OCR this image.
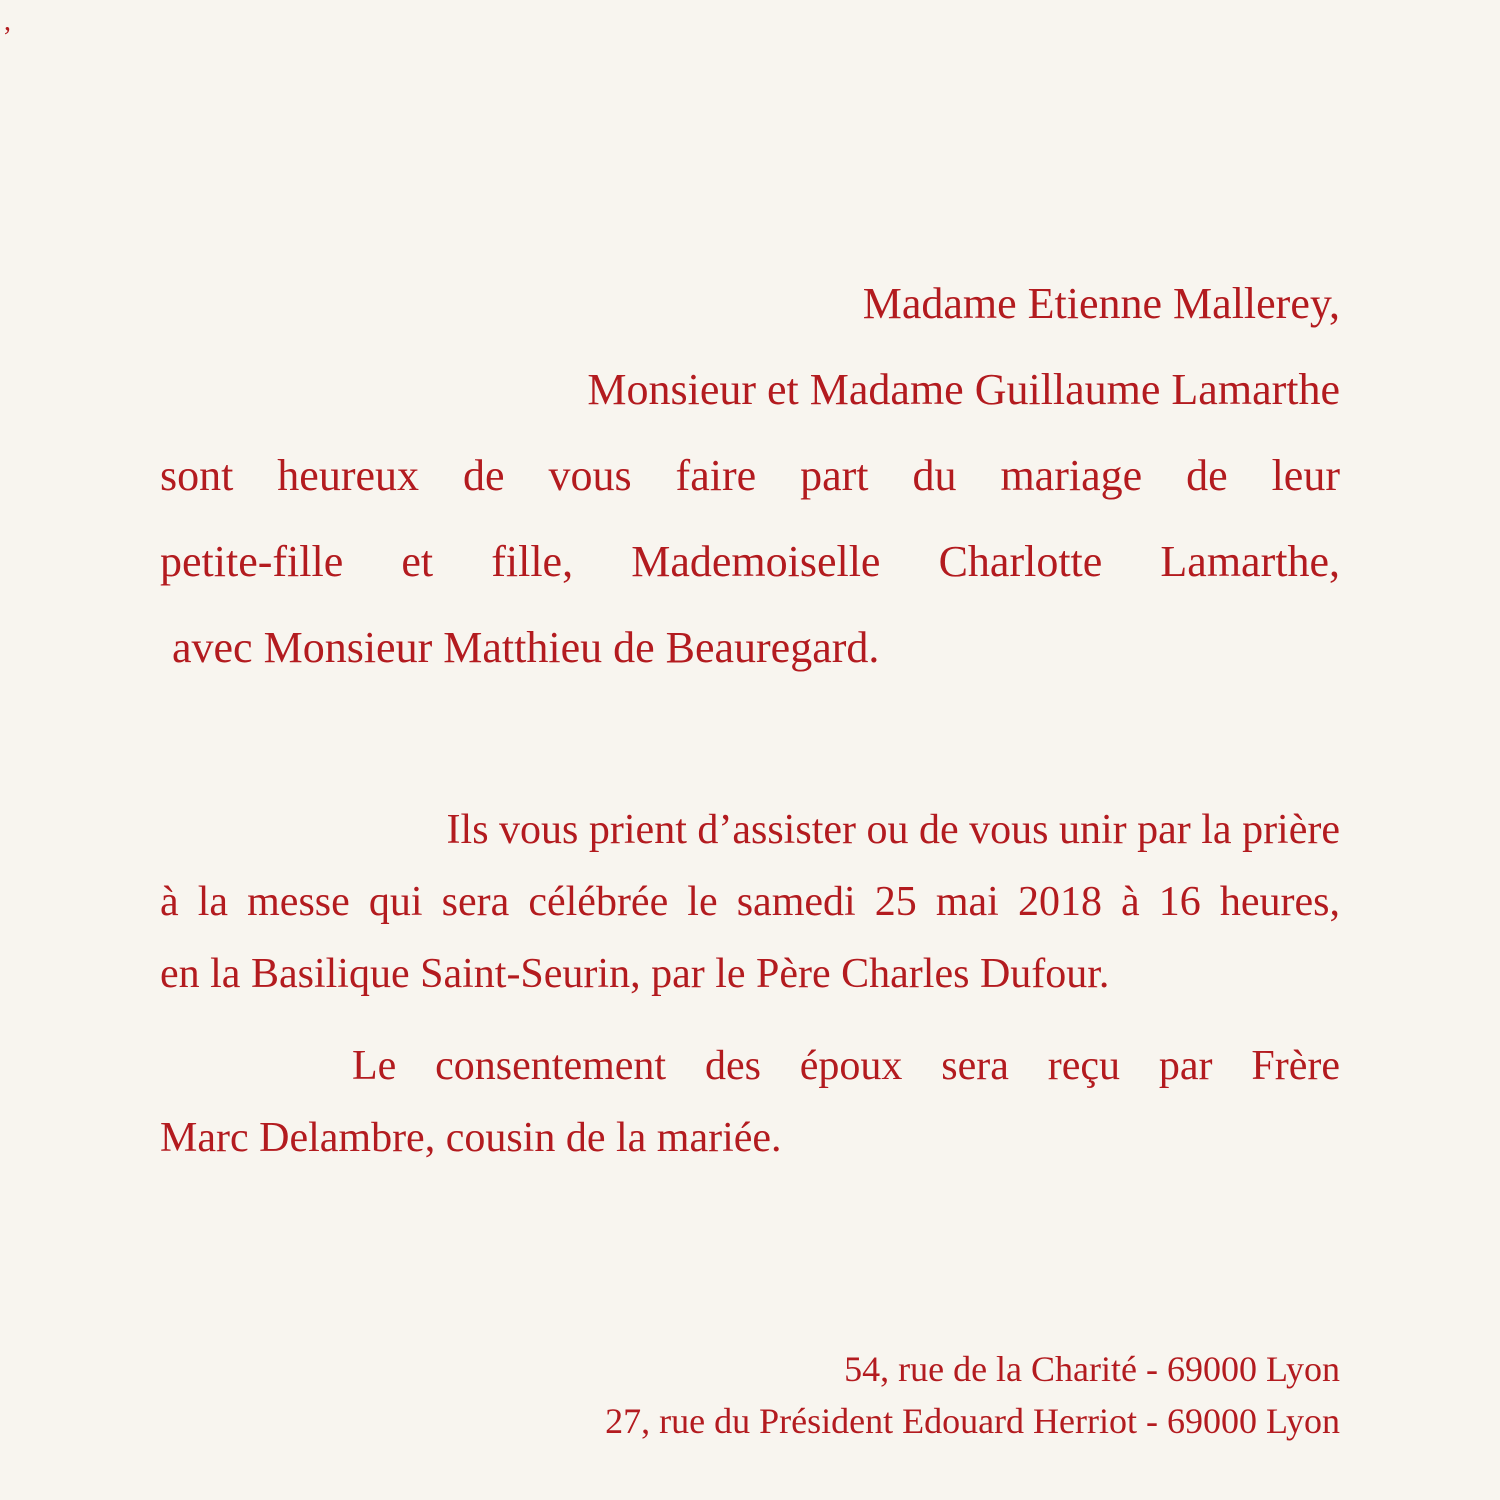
,
Madame Etienne Mallerey,
Monsieur et Madame Guillaume Lamarthe
sont heureux de vous faire part du mariage de leur
petite-fille et fille, Mademoiselle Charlotte Lamarthe,
avec Monsieur Matthieu de Beauregard.
Ils vous prient d’assister ou de vous unir par la prière
à la messe qui sera célébrée le samedi 25 mai 2018 à 16 heures,
en la Basilique Saint-Seurin, par le Père Charles Dufour.
Le consentement des époux sera reçu par Frère
Marc Delambre, cousin de la mariée.
54, rue de la Charité - 69000 Lyon
27, rue du Président Edouard Herriot - 69000 Lyon
